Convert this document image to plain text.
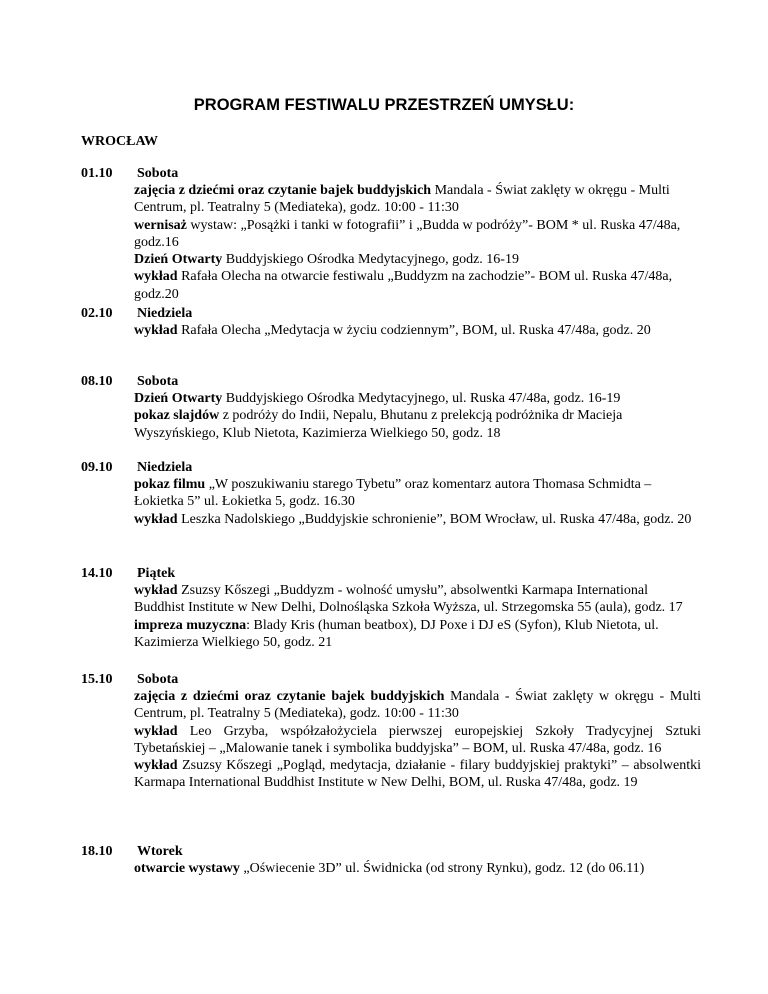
PROGRAM FESTIWALU PRZESTRZEŃ UMYSŁU:
WROCŁAW
01.10 Sobota
zajęcia z dziećmi oraz czytanie bajek buddyjskich Mandala - Świat zaklęty w okręgu - Multi Centrum, pl. Teatralny 5 (Mediateka), godz. 10:00 - 11:30
wernisaż wystaw: „Posążki i tanki w fotografii” i „Budda w podróży”- BOM * ul. Ruska 47/48a, godz.16
Dzień Otwarty Buddyjskiego Ośrodka Medytacyjnego, godz. 16-19
wykład Rafała Olecha na otwarcie festiwalu „Buddyzm na zachodzie”- BOM ul. Ruska 47/48a, godz.20
02.10 Niedziela
wykład Rafała Olecha „Medytacja w życiu codziennym”, BOM, ul. Ruska 47/48a, godz. 20
08.10 Sobota
Dzień Otwarty Buddyjskiego Ośrodka Medytacyjnego, ul. Ruska 47/48a, godz. 16-19
pokaz slajdów z podróży do Indii, Nepalu, Bhutanu z prelekcją podróżnika dr Macieja Wyszyńskiego, Klub Nietota, Kazimierza Wielkiego 50, godz. 18
09.10 Niedziela
pokaz filmu „W poszukiwaniu starego Tybetu” oraz komentarz autora Thomasa Schmidta – Łokietka 5” ul. Łokietka 5, godz. 16.30
wykład Leszka Nadolskiego „Buddyjskie schronienie”, BOM Wrocław, ul. Ruska 47/48a, godz. 20
14.10 Piątek
wykład Zsuzsy Kőszegi „Buddyzm - wolność umysłu”, absolwentki Karmapa International Buddhist Institute w New Delhi, Dolnośląska Szkoła Wyższa, ul. Strzegomska 55 (aula), godz. 17
impreza muzyczna: Blady Kris (human beatbox), DJ Poxe i DJ eS (Syfon), Klub Nietota, ul. Kazimierza Wielkiego 50, godz. 21
15.10 Sobota
zajęcia z dziećmi oraz czytanie bajek buddyjskich Mandala - Świat zaklęty w okręgu - Multi Centrum, pl. Teatralny 5 (Mediateka), godz. 10:00 - 11:30
wykład Leo Grzyba, współzałożyciela pierwszej europejskiej Szkoły Tradycyjnej Sztuki Tybetańskiej – „Malowanie tanek i symbolika buddyjska” – BOM, ul. Ruska 47/48a, godz. 16
wykład Zsuzsy Kőszegi „Pogląd, medytacja, działanie - filary buddyjskiej praktyki” – absolwentki Karmapa International Buddhist Institute w New Delhi, BOM, ul. Ruska 47/48a, godz. 19
18.10 Wtorek
otwarcie wystawy „Oświecenie 3D” ul. Świdnicka (od strony Rynku), godz. 12 (do 06.11)
